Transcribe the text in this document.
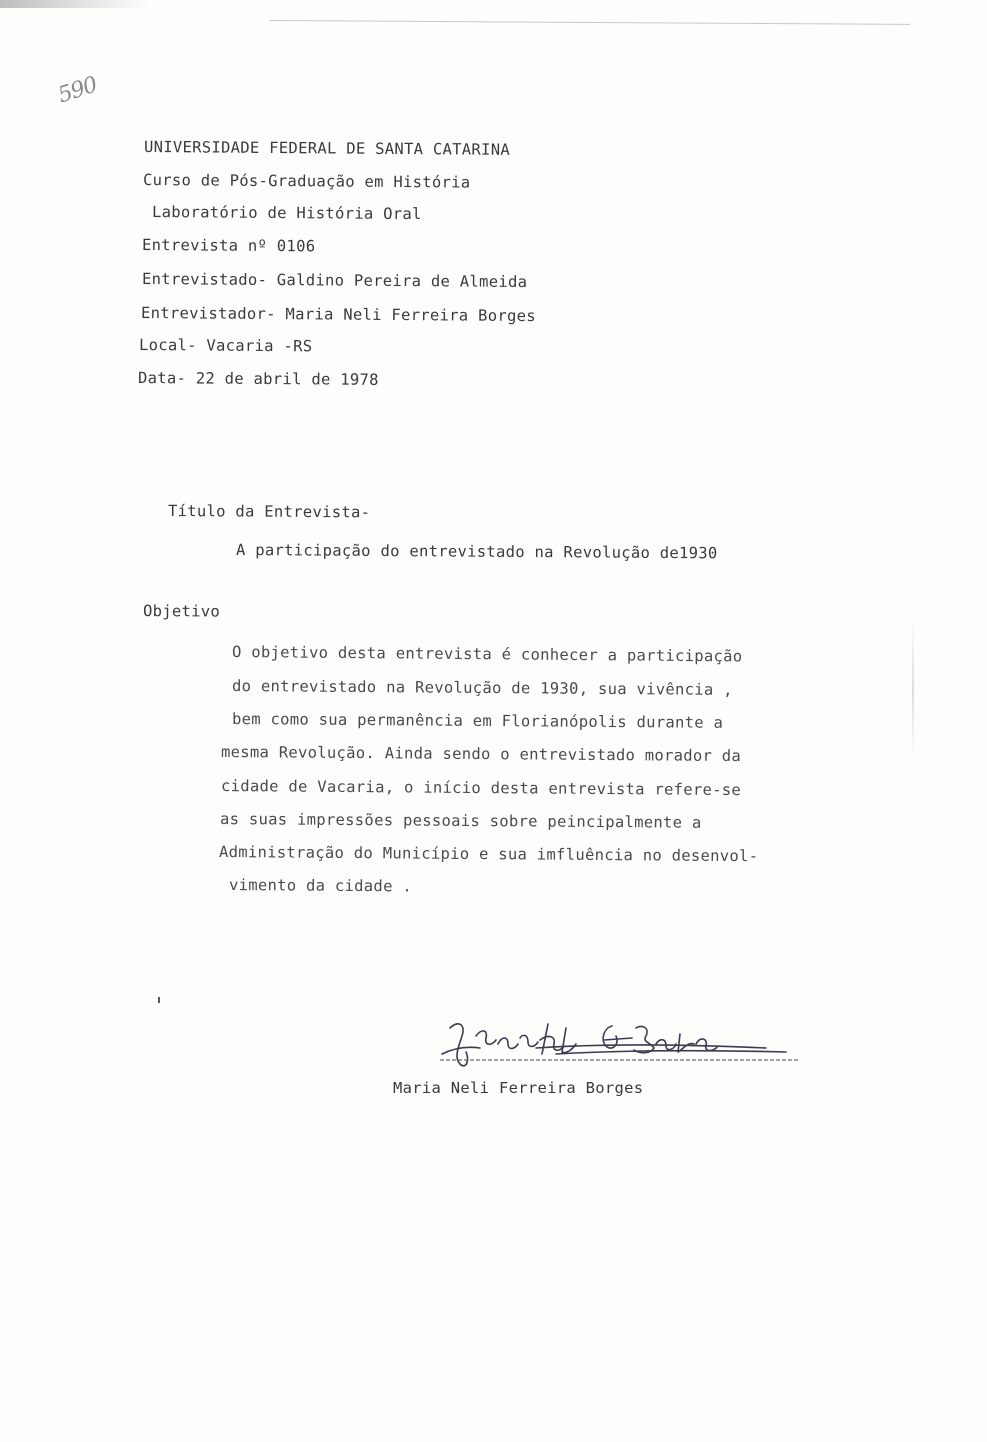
590
UNIVERSIDADE FEDERAL DE SANTA CATARINA
Curso de Pós-Graduação em História
Laboratório de História Oral
Entrevista nº 0106
Entrevistado- Galdino Pereira de Almeida
Entrevistador- Maria Neli Ferreira Borges
Local- Vacaria -RS
Data- 22 de abril de 1978
Título da Entrevista-
A participação do entrevistado na Revolução de1930
Objetivo
O objetivo desta entrevista é conhecer a participação
do entrevistado na Revolução de 1930, sua vivência ,
bem como sua permanência em Florianópolis durante a
mesma Revolução. Ainda sendo o entrevistado morador da
cidade de Vacaria, o início desta entrevista refere-se
as suas impressões pessoais sobre peincipalmente a
Administração do Município e sua imfluência no desenvol-
vimento da cidade .
Maria Neli Ferreira Borges
